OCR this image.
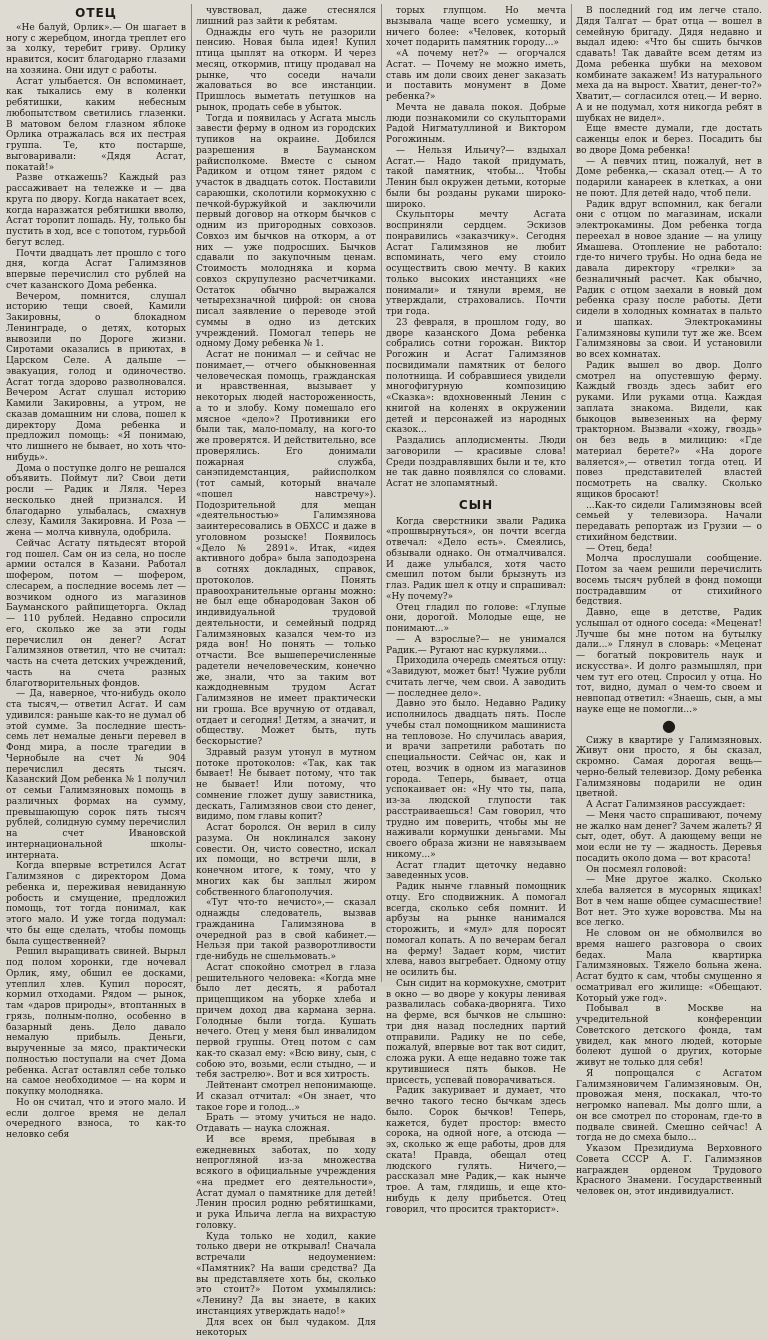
ОТЕЦ

«Не балуй, Орлик».— Он шагает в ногу с жеребцом, иногда треплет его за холку, теребит гриву. Орлику нравится, косит благодарно глазами на хозяина. Они идут с работы.

Асгат улыбается. Он вспоминает, как тыкались ему в коленки ребятишки, каким небесным любопытством светились глазенки. В матовом белом глазном яблоке Орлика отражалась вся их пестрая группа. Те, кто постарше, выговаривали: «Дядя Асгат, покатай!»

Разве откажешь? Каждый раз рассаживает на тележке и — два круга по двору. Когда накатает всех, когда наразжатся ребятишки вволю, Асгат торопит лошадь. Ну, только бы пустить в ход, все с топотом, гурьбой бегут вслед.

Почти двадцать лет прошло с того дня, когда Асгат Галимзянов впервые перечислил сто рублей на счет казанского Дома ребенка.

Вечером, помнится, слушал историю тещи своей, Камили Закировны, о блокадном Ленинграде, о детях, которых вывозили по Дороге жизни. Сиротами оказались в приютах, в Царском Селе. А дальше — эвакуация, голод и одиночество. Асгат тогда здорово разволновался. Вечером Асгат слушал историю Камили Закировны, а утром, не сказав домашним ни слова, пошел к директору Дома ребенка и предложил помощь: «Я понимаю, что лишнего не бывает, но хоть что-нибудь».

Дома о поступке долго не решался объявить. Поймут ли? Свои дети росли — Радик и Ляля. Через несколько дней признался. И благодарно улыбалась, смахнув слезу, Камиля Закировна. И Роза — жена — молча кивнула, одобрила.

Сейчас Асгату пятьдесят второй год пошел. Сам он из села, но после армии остался в Казани. Работал шофером, потом — шофером, слесарем, а последние восемь лет — возчиком одного из магазинов Бауманского райпищеторга. Оклад — 110 рублей. Недавно спросили его, сколько же за эти годы перечислил он денег? Асгат Галимзянов ответил, что не считал: часть на счета детских учреждений, часть на счета разных благотворительных фондов.

— Да, наверное, что-нибудь около ста тысяч,— ответил Асгат. И сам удивился: раньше как-то не думал об этой сумме. За последние шесть-семь лет немалые деньги перевел в Фонд мира, а после трагедии в Чернобыле на счет № 904 перечислил десять тысяч. Казанский Дом ребенка № 1 получил от семьи Галимзяновых помощь в различных формах на сумму, превышающую сорок пять тысяч рублей, солидную сумму перечислил на счет Ивановской интернациональной школы-интерната.

Когда впервые встретился Асгат Галимзянов с директором Дома ребенка и, переживая невиданную робость и смущение, предложил помощь, тот тогда понимал, как этого мало. И уже тогда подумал: что бы еще сделать, чтобы помощь была существенней?

Решил выращивать свиней. Вырыл под полом хоронки, где ночевал Орлик, яму, обшил ее досками, утеплил хлев. Купил поросят, кормил отходами. Рядом — рынок, там «даров природы», втоптанных в грязь, полным-полно, особенно в базарный день. Дело давало немалую прибыль. Деньги, вырученные за мясо, практически полностью поступали на счет Дома ребенка. Асгат оставлял себе только на самое необходимое — на корм и покупку молодняка.

Но он считал, что и этого мало. И если долгое время не делал очередного взноса, то как-то неловко себя

чувствовал, даже стеснялся лишний раз зайти к ребятам.

Однажды его чуть не разорили пенсию. Новая была идея! Купил птица цыплят на откорм. И через месяц, откормив, птицу продавал на рынке, что соседи начали жаловаться во все инстанции. Пришлось выметать петушков на рынок, продать себе в убыток.

Тогда и появилась у Асгата мысль завести ферму в одном из городских тупиков на окраине. Добился разрешения в Бауманском райисполкоме. Вместе с сыном Радиком и отцом тянет рядом с участок в двадцать соток. Поставили сараюшки, сколотили кормокухню с печкой-буржуйкой и заключили первый договор на откорм бычков с одним из пригородных совхозов. Совхоз им бычков на откорм, а от них — уже подросших. Бычков сдавали по закупочным ценам. Стоимость молодняка и корма совхоз скрупулезно расчетчиками. Остаток обычно выражался четырехзначной цифрой: он снова писал заявление о переводе этой суммы в одно из детских учреждений. Помогал теперь не одному Дому ребенка № 1.

Асгат не понимал — и сейчас не понимает,— отчего обыкновенная человеческая помощь, гражданская и нравственная, вызывает у некоторых людей настороженность, а то и злобу. Кому помешало его мясное «дело»? Противники его были так, мало-помалу, на кого-то же проверятся. И действительно, все проверялись. Его донимали пожарная служба, санэпидемстанция, райисполком (тот самый, который вначале «пошел навстречу»). Подозрительной для мещан «деятельностью» Галимзянова заинтересовались в ОБХСС и даже в уголовном розыске! Появилось «Дело № 2891». Итак, «идея активного добра» была заподозрена в сотнях докладных, справок, протоколов. Понять правоохранительные органы можно: не был еще обнародован Закон об индивидуальной трудовой деятельности, и семейный подряд Галимзяновых казался чем-то из ряда вон! Но понять — только отчасти. Все вышеперечисленные радетели нечеловеческим, конечно же, знали, что за таким вот каждодневным трудом Асгат Галимзянов не имеет практически ни гроша. Все вручную от отдавал, отдает и сегодня! Детям, а значит, и обществу. Может быть, путь бескорыстие?

Здравый разум утонул в мутном потоке протоколов: «Так, как так бывает! Не бывает потому, что так не бывает! Или потому, что сомнение гложет душу завистника, дескать, Галимзянов свои сто денег, видимо, пом главы копит?

Асгат боролся. Он верил в силу разума. Он ноклинался закону совести. Он, чисто совестно, искал их помощи, но встречи шли, в конечном итоге, к тому, что у многих как бы заплыл жиром собственного благополучия.

«Тут что-то нечисто»,— сказал однажды следователь, вызвав гражданина Галимзянова в очередной раз в свой кабинет.— Нельзя при такой разворотливости где-нибудь не сшельмовать.»

Асгат спокойно смотрел в глаза решительного человека: «Когда мне было лет десять, я работал прицепщиком на уборке хлеба и причем доход два кармана зерна. Голодные были тогда. Кушать нечего. Отец у меня был инвалидом первой группы. Отец потом с сам как-то сказал ему: «Всю вину, сын, с собою это, возьми, если стыдно, — и тебя застрелю». Вот и вся хитрость.

Лейтенант смотрел непонимающе. И сказал отчитал: «Он знает, что такое горе и голод...»

Брать — этому учиться не надо. Отдавать — наука сложная.

И все время, пребывая в ежедневных заботах, по ходу непрогляной из-за множества всякого в официальные учреждения «на предмет его деятельности», Асгат думал о памятнике для детей! Ленин просил родню ребятишками, и рука Ильича легла на вихрастую головку.

Куда только не ходил, какие только двери не открывал! Сначала встречали недоумением: «Памятник? На ваши средства? Да вы представляете хоть бы, сколько это стоит?» Потом ухмылялись: «Ленину? Да вы знаете, в каких инстанциях утверждать надо!»

Для всех он был чудаком. Для некоторых

торых глупцом. Но мечта вызывала чаще всего усмешку, и ничего более: «Человек, который хочет подарить памятник городу...»

«А почему нет?» — огорчался Асгат. — Почему не можно иметь, ставь им доли своих денег заказать и поставить монумент в Доме ребенка?»

Мечта не давала покоя. Добрые люди познакомили со скульпторами Радой Нигматуллиной и Виктором Рогожиным.

— Нельзя Ильичу?— вздыхал Асгат.— Надо такой придумать, такой памятник, чтобы... Чтобы Ленин был окружен детьми, которые были бы розданы руками широко-широко.

Скульпторы мечту Асгата восприняли сердцем. Эскизов понравились «заказчику». Сегодня Асгат Галимзянов не любит вспоминать, чего ему стоило осуществить свою мечту. В каких только высоких инстанциях «не понимали» и тянули время, не утверждали, страховались. Почти три года.

23 февраля, в прошлом году, во дворе казанского Дома ребенка собрались сотни горожан. Виктор Рогожин и Асгат Галимзянов посвидимали памятник от белого полотнища. И собравшиеся увидели многофигурную композицию «Сказка»: вдохновенный Ленин с книгой на коленях в окружении детей и персонажей из народных сказок...

Раздались аплодисменты. Люди заговорили — красивые слова! Среди поздравлявших были и те, кто не так давно появлялся со словами. Асгат не злопамятный.

СЫН

Когда сверстники звали Радика «прошвырнуться», он почти всегда отвечал: «Дело есть». Смеялись, обзывали однако. Он отмалчивался. И даже улыбался, хотя часто смешил потом были брызнуть из глаз. Радик шел к отцу и спрашивал: «Ну почему?»

Отец гладил по голове: «Глупые они, дорогой. Молодые еще, не понимают...»

— А взрослые?— не унимался Радик.— Ругают нас куркулями...

Приходила очередь смеяться отцу: «Завидуют, может быт! Чужие рубли считать легче, чем свои. А заводить — последнее дело».

Давно это было. Недавно Радику исполнилось двадцать пять. После учебы стал помощником машиниста на тепловозе. Но случилась авария, и врачи запретили работать по специальности. Сейчас он, как и отец, возчик в одном из магазинов города. Теперь, бывает, отца успокаивает он: «Ну что ты, папа, из-за людской глупости так расстраиваешься! Сам говорил, что трудно им поверить, чтобы мы не наживали кормушки деньгами. Мы своего образа жизни не навязываем никому...»

Асгат гладит щеточку недавно заведенных усов.

Радик нынче главный помощник отцу. Его сподвижник. А помогал всегда, сколько себя помнит. И арбузы на рынке нанимался сторожить, и «мул» для поросят помогал копать. А по вечерам бегал на ферму! Задает корм, чистит хлева, навоз выгребает. Одному отцу не осилить бы.

Сын сидит на кормокухне, смотрит в окно — во дворе у кокуры ленивая развалилась собака-дворняга. Тихо на ферме, вся бычков не слышно: три дня назад последних партий отправили. Радику не по себе, пожалуй, впервые вот так вот сидит, сложа руки. А еще недавно тоже так крутившиеся пять быков. Не присесть, успевай поворачиваться.

Радик закуривает и думает, что вечно такого тесно бычкам здесь было. Сорок бычков! Теперь, кажется, будет простор: вместо сорока, на одной ноге, а отсюда — эх, сколько ж еще работы, дров для ската! Правда, обещал отец людского гулять. Ничего,— рассказал мне Радик,— как нынче трое. А там, глядишь, и еще кто-нибудь к делу прибьется. Отец говорил, что просится тракторист».

В последний год им легче стало. Дядя Талгат — брат отца — вошел в семейную бригаду. Дядя недавно и выдал идею: «Что бы сшить бычков сдавать! Так давайте всем детям из Дома ребенка шубки на меховом комбинате закажем! Из натурального меха да на вырост. Хватит, денег-то?» Хватит,— согласился отец.— И верно. А и не подумал, хотя никогда ребят в шубках не видел».

Еще вместе думали, где достать саженцы елок и берез. Посадить бы во дворе Дома ребенка!

— А певчих птиц, пожалуй, нет в Доме ребенка,— сказал отец.— А то подарили канареек в клетках, а они не поют. Для детей надо, чтоб пели.

Радик вдруг вспомнил, как бегали они с отцом по магазинам, искали электрокамины. Дом ребенка тогда переехал в новое здание — на улицу Ямашева. Отопление не работало: где-то ничего трубы. Но одна беда не давала директору «грелки» за безналичный расчет. Как обычно, Радик с отцом заехали в новый дом ребенка сразу после работы. Дети сидели в холодных комнатах в пальто и шапках. Электрокамины Галимзяновы купили тут же же. Всем Галимзяновы за свои. И установили во всех комнатах.

Радик вышел во двор. Долго смотрел на опустевшую ферму. Каждый гвоздь здесь забит его руками. Или руками отца. Каждая заплата знакома. Видели, как быкоцов вывезенных на ферму тракторном. Вызвали «хожу, гвоздь» он без ведь в милицию: «Где материал берете?» «На дороге валяется»,— ответил тогда отец. И повез представителей властей посмотреть на свалку. Сколько ящиков бросают!

...Как-то сидели Галимзяновы всей семьей у телевизора. Начали передавать репортаж из Грузии — о стихийном бедствии.

— Отец, беда!

Молча прослушали сообщение. Потом за чаем решили перечислить восемь тысяч рублей в фонд помощи пострадавшим от стихийного бедствия.

Давно, еще в детстве, Радик услышал от одного соседа: «Меценат! Лучше бы мне потом на бутылку дали...» Глянул в словарь: «Меценат — богатый покровитель наук и искусства». И долго размышлял, при чем тут его отец. Спросил у отца. Но тот, видно, думал о чем-то своем и невпопад ответил: «Знаешь, сын, а мы науке еще не помогли...»

●

Сижу в квартире у Галимзяновых. Живут они просто, я бы сказал, скромно. Самая дорогая вещь— черно-белый телевизор. Дому ребенка Галимзяновы подарили не один цветной.

А Асгат Галимзянов рассуждает:

— Меня часто спрашивают, почему не жалко нам денег? Зачем жалеть? Я сыт, одет, обут. А дающему вещи не мои если не ту — жадность. Деревья посадить около дома — вот красота!

Он посмеял головой:

— Мне другое жалко. Сколько хлеба валяется в мусорных ящиках! Вот в чем наше общее сумасшествие! Вот нет. Это хуже воровства. Мы на все легко.

Не словом он не обмолвился во время нашего разговора о своих бедах. Мала квартирка Галимзяновых. Тяжело больна жена. Асгат будто к сам, чтобы смущенно я осматривал его жилище: «Обещают. Который уже год».

Побывал в Москве на учредительной конференции Советского детского фонда, там увидел, как много людей, которые болеют душой о других, которые живут не только для себя!

Я попрощался с Асгатом Галимзяновичем Галимзяновым. Он, провожая меня, поскакал, что-то негромко напевал. Мы долго шли, а он все смотрел по сторонам, где-то в подвале свиней. Смешно сейчас! А тогда не до смеха было...

Указом Президиума Верховного Совета СССР А. Г. Галимзянов награжден орденом Трудового Красного Знамени. Государственный человек он, этот индивидуалист.
